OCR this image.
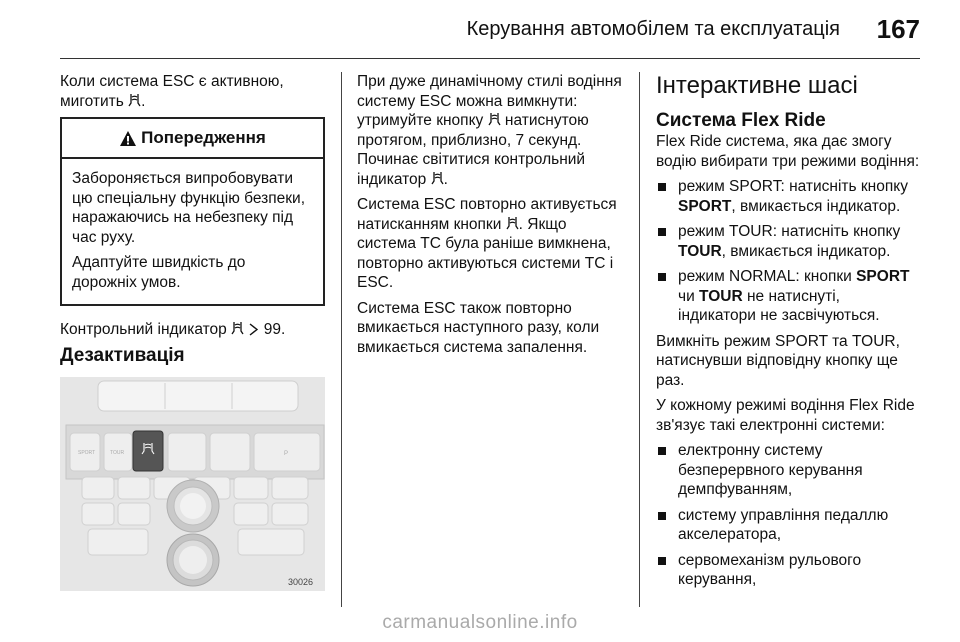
Керування автомобілем та експлуатація 167

Коли система ESC є активною,
миготить .

Попередження

Забороняється випробовувати цю спеціальну функцію безпеки, наражаючись на небезпеку під час руху.

Адаптуйте швидкість до дорожніх умов.

Контрольний індикатор 99.

Дезактивація
SPORT	TOUR	P
30026

При дуже динамічному стилі водіння систему ESC можна вимкнути: утримуйте кнопку натиснутою протягом, приблизно, 7 секунд. Починає світитися контрольний індикатор .

Система ESC повторно активується натисканням кнопки . Якщо система TC була раніше вимкнена, повторно активуються системи TC і ESC.

Система ESC також повторно вмикається наступного разу, коли вмикається система запалення.

Інтерактивне шасі
Система Flex Ride

Flex Ride система, яка дає змогу водію вибирати три режими водіння:

режим SPORT: натисніть кнопку SPORT, вмикається індикатор.
режим TOUR: натисніть кнопку TOUR, вмикається індикатор.
режим NORMAL: кнопки SPORT чи TOUR не натиснуті, індикатори не засвічуються.

Вимкніть режим SPORT та TOUR, натиснувши відповідну кнопку ще раз.

У кожному режимі водіння Flex Ride зв'язує такі електронні системи:

електронну систему безперервного керування демпфуванням,
систему управління педаллю акселератора,
сервомеханізм рульового керування,
carmanualsonline.info
